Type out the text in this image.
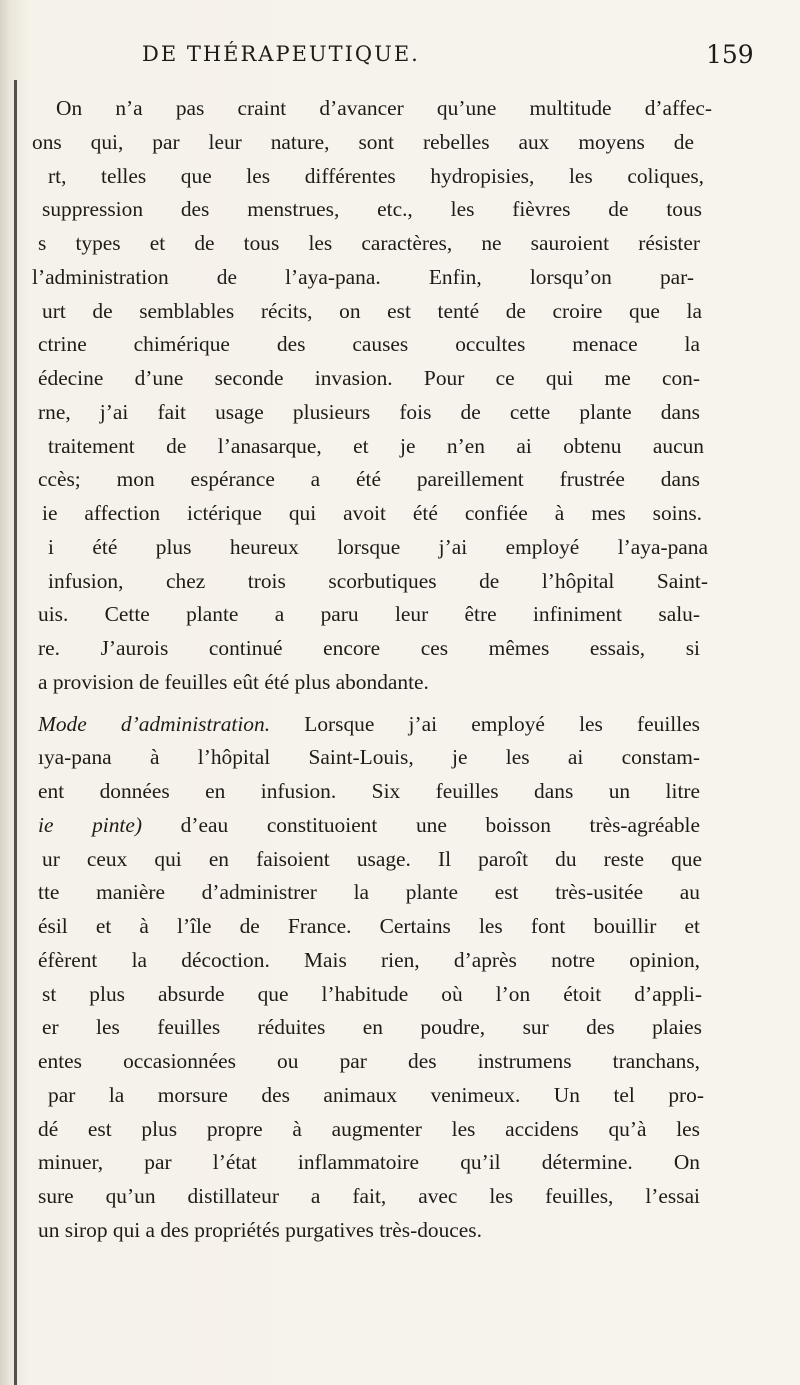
DE THÉRAPEUTIQUE.	159
On n’a pas craint d’avancer qu’une multitude d’affec-
ons qui, par leur nature, sont rebelles aux moyens de
rt, telles que les différentes hydropisies, les coliques,
suppression des menstrues, etc., les fièvres de tous
s types et de tous les caractères, ne sauroient résister
l’administration de l’aya-pana. Enfin, lorsqu’on par-
urt de semblables récits, on est tenté de croire que la
ctrine chimérique des causes occultes menace la
édecine d’une seconde invasion. Pour ce qui me con-
rne, j’ai fait usage plusieurs fois de cette plante dans
traitement de l’anasarque, et je n’en ai obtenu aucun
ccès; mon espérance a été pareillement frustrée dans
ie affection ictérique qui avoit été confiée à mes soins.
i été plus heureux lorsque j’ai employé l’aya-pana
infusion, chez trois scorbutiques de l’hôpital Saint-
uis. Cette plante a paru leur être infiniment salu-
re. J’aurois continué encore ces mêmes essais, si
a provision de feuilles eût été plus abondante.
Mode d’administration. Lorsque j’ai employé les feuilles
ıya-pana à l’hôpital Saint-Louis, je les ai constam-
ent données en infusion. Six feuilles dans un litre
ie pinte) d’eau constituoient une boisson très-agréable
ur ceux qui en faisoient usage. Il paroît du reste que
tte manière d’administrer la plante est très-usitée au
ésil et à l’île de France. Certains les font bouillir et
éfèrent la décoction. Mais rien, d’après notre opinion,
st plus absurde que l’habitude où l’on étoit d’appli-
er les feuilles réduites en poudre, sur des plaies
entes occasionnées ou par des instrumens tranchans,
par la morsure des animaux venimeux. Un tel pro-
dé est plus propre à augmenter les accidens qu’à les
minuer, par l’état inflammatoire qu’il détermine. On
sure qu’un distillateur a fait, avec les feuilles, l’essai
un sirop qui a des propriétés purgatives très-douces.
